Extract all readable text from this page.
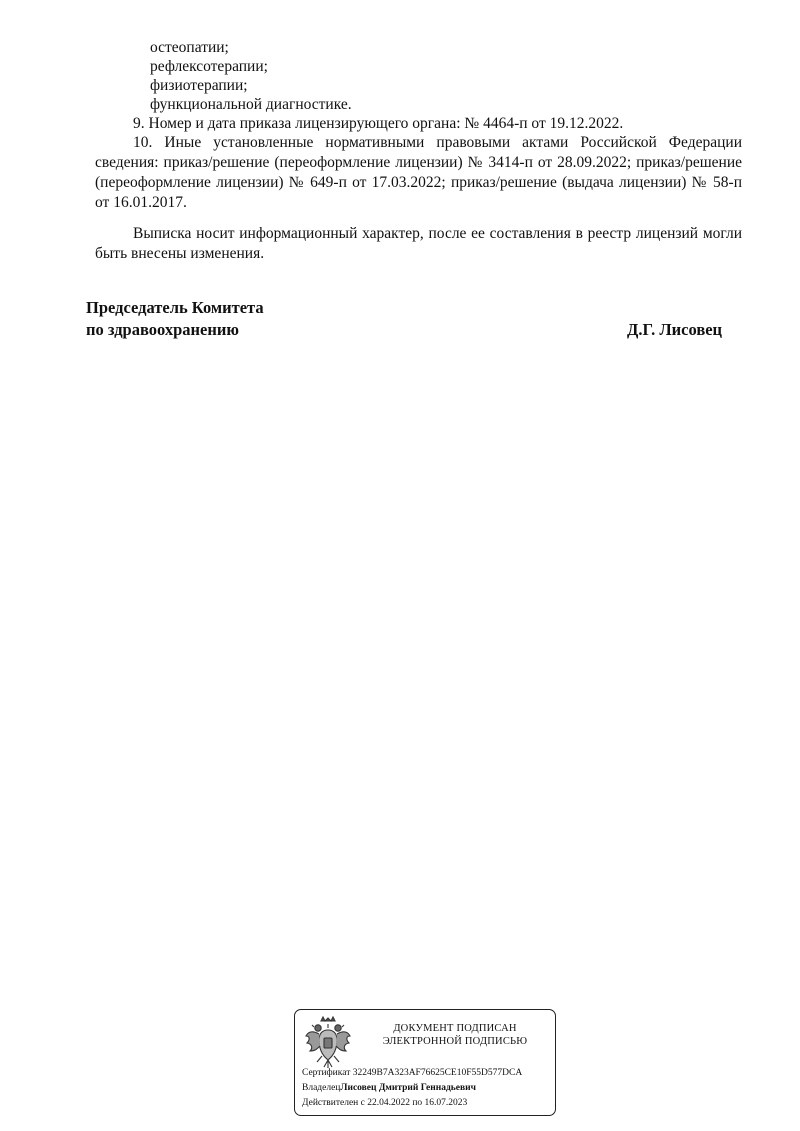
остеопатии;
рефлексотерапии;
физиотерапии;
функциональной диагностике.
9. Номер и дата приказа лицензирующего органа: № 4464-п от 19.12.2022.
10. Иные установленные нормативными правовыми актами Российской Федерации сведения: приказ/решение (переоформление лицензии) № 3414-п от 28.09.2022; приказ/решение (переоформление лицензии) № 649-п от 17.03.2022; приказ/решение (выдача лицензии) № 58-п от 16.01.2017.
Выписка носит информационный характер, после ее составления в реестр лицензий могли быть внесены изменения.
Председатель Комитета
по здравоохранению	Д.Г. Лисовец
ДОКУМЕНТ ПОДПИСАН
ЭЛЕКТРОННОЙ ПОДПИСЬЮ
Сертификат 32249B7A323AF76625CE10F55D577DCA
ВладелецЛисовец Дмитрий Геннадьевич
Действителен с 22.04.2022 по 16.07.2023
